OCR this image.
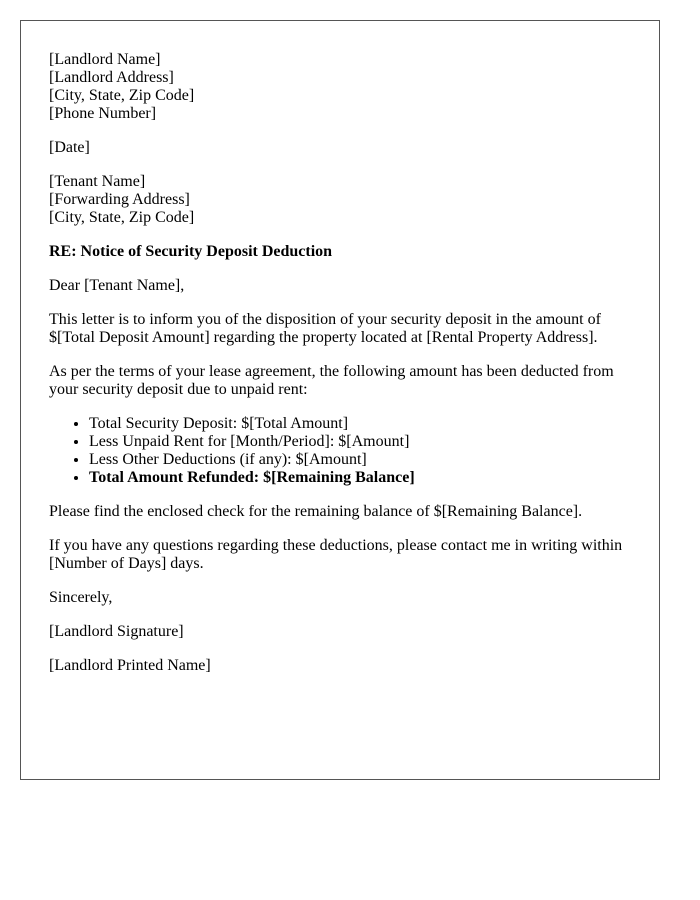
[Landlord Name]
[Landlord Address]
[City, State, Zip Code]
[Phone Number]
[Date]
[Tenant Name]
[Forwarding Address]
[City, State, Zip Code]
RE: Notice of Security Deposit Deduction
Dear [Tenant Name],
This letter is to inform you of the disposition of your security deposit in the amount of
$[Total Deposit Amount] regarding the property located at [Rental Property Address].
As per the terms of your lease agreement, the following amount has been deducted from
your security deposit due to unpaid rent:
• Total Security Deposit: $[Total Amount]
• Less Unpaid Rent for [Month/Period]: $[Amount]
• Less Other Deductions (if any): $[Amount]
• Total Amount Refunded: $[Remaining Balance]
Please find the enclosed check for the remaining balance of $[Remaining Balance].
If you have any questions regarding these deductions, please contact me in writing within
[Number of Days] days.
Sincerely,
[Landlord Signature]
[Landlord Printed Name]
